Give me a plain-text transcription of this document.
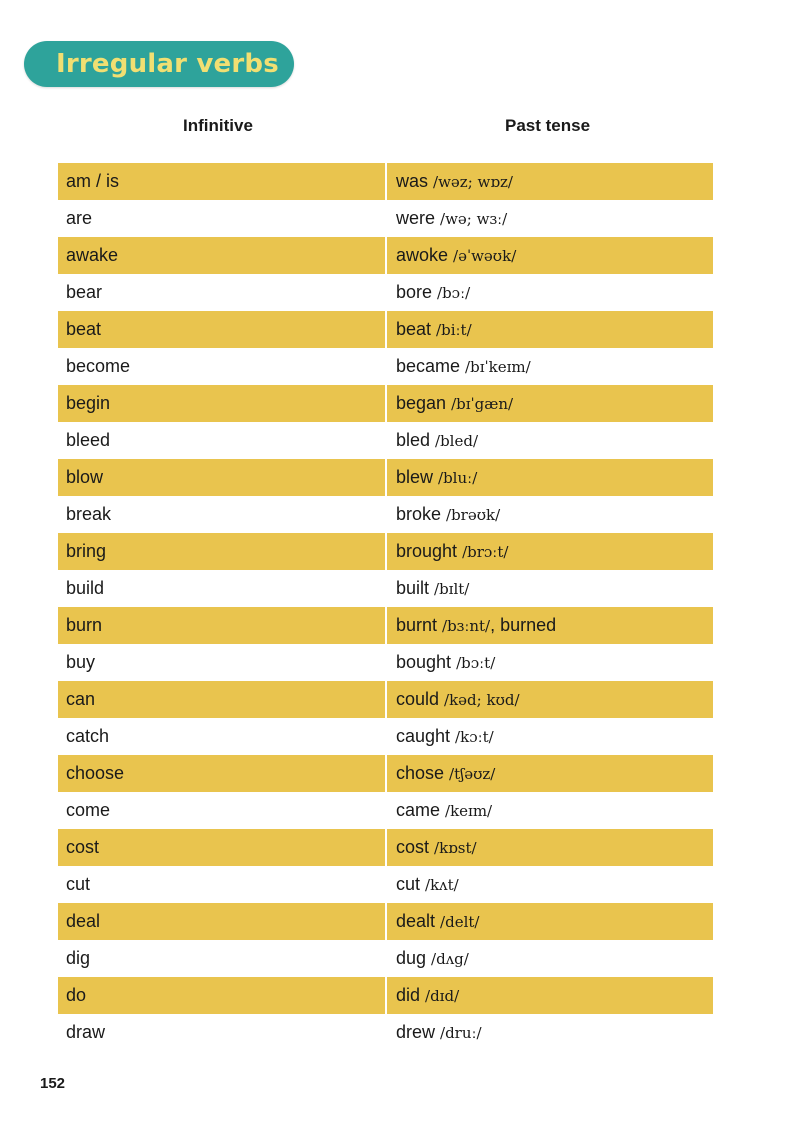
Irregular verbs
Infinitive	Past tense
am / is	was /wəz; wɒz/
are	were /wə; wɜː/
awake	awoke /əˈwəʊk/
bear	bore /bɔː/
beat	beat /biːt/
become	became /bɪˈkeɪm/
begin	began /bɪˈgæn/
bleed	bled /bled/
blow	blew /bluː/
break	broke /brəʊk/
bring	brought /brɔːt/
build	built /bɪlt/
burn	burnt /bɜːnt/ , burned
buy	bought /bɔːt/
can	could /kəd; kʊd/
catch	caught /kɔːt/
choose	chose /tʃəʊz/
come	came /keɪm/
cost	cost /kɒst/
cut	cut /kʌt/
deal	dealt /delt/
dig	dug /dʌg/
do	did /dɪd/
draw	drew /druː/
152
